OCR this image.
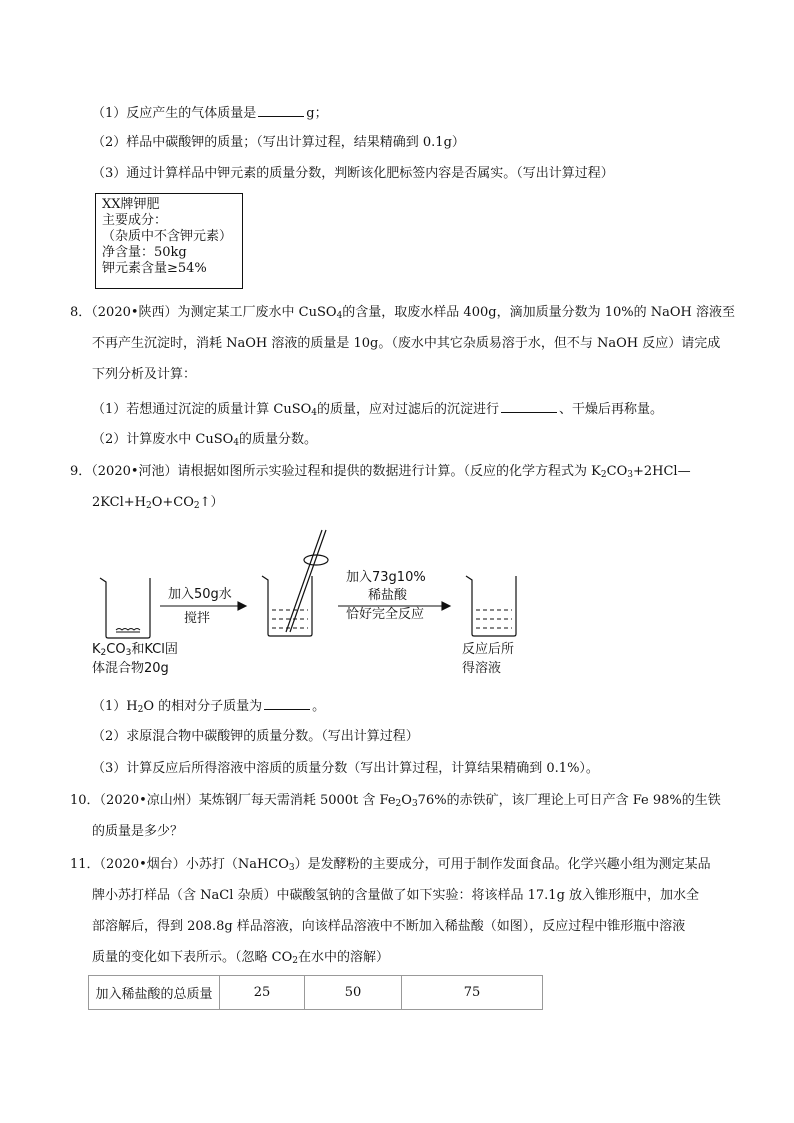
（1）反应产生的气体质量是	g；
（2）样品中碳酸钾的质量；（写出计算过程，结果精确到 0.1g）
（3）通过计算样品中钾元素的质量分数，判断该化肥标签内容是否属实。（写出计算过程）
XX牌钾肥
主要成分：
（杂质中不含钾元素）
净含量：50kg
钾元素含量≥54%
8．（2020•陕西）为测定某工厂废水中 CuSO$_4$的含量，取废水样品 400g，滴加质量分数为 10%的 NaOH 溶液至
不再产生沉淀时，消耗 NaOH 溶液的质量是 10g。（废水中其它杂质易溶于水，但不与 NaOH 反应）请完成
下列分析及计算：
（1）若想通过沉淀的质量计算 CuSO$_4$的质量，应对过滤后的沉淀进行	、干燥后再称量。
（2）计算废水中 CuSO$_4$的质量分数。
9．（2020•河池）请根据如图所示实验过程和提供的数据进行计算。（反应的化学方程式为 $K_2CO_3+2HCl—$
$2KCl+H_2O+CO_2↑$）
加入50g水
搅拌
加入73g10%
稀盐酸
恰好完全反应
$K_2CO_3$和KCl固
体混合物20g
反应后所
得溶液
$(1)H_2O$ 的相对分子质量为	。
（2）求原混合物中碳酸钾的质量分数。（写出计算过程）
（3）计算反应后所得溶液中溶质的质量分数（写出计算过程，计算结果精确到 0.1%）。
10．（2020•凉山州）某炼钢厂每天需消耗 5000t 含 $Fe_2O_376\%$的赤铁矿，该厂理论上可日产含 Fe 98%的生铁
的质量是多少？
11．（2020•烟台）小苏打（NaHCO$_3$）是发酵粉的主要成分，可用于制作发面食品。化学兴趣小组为测定某品
牌小苏打样品（含 NaCl 杂质）中碳酸氢钠的含量做了如下实验：将该样品 17.1g 放入锥形瓶中，加水全
部溶解后，得到 208.8g 样品溶液，向该样品溶液中不断加入稀盐酸（如图），反应过程中锥形瓶中溶液
质量的变化如下表所示。（忽略 $CO_2$在水中的溶解）
加入稀盐酸的总质量	25	50	75
